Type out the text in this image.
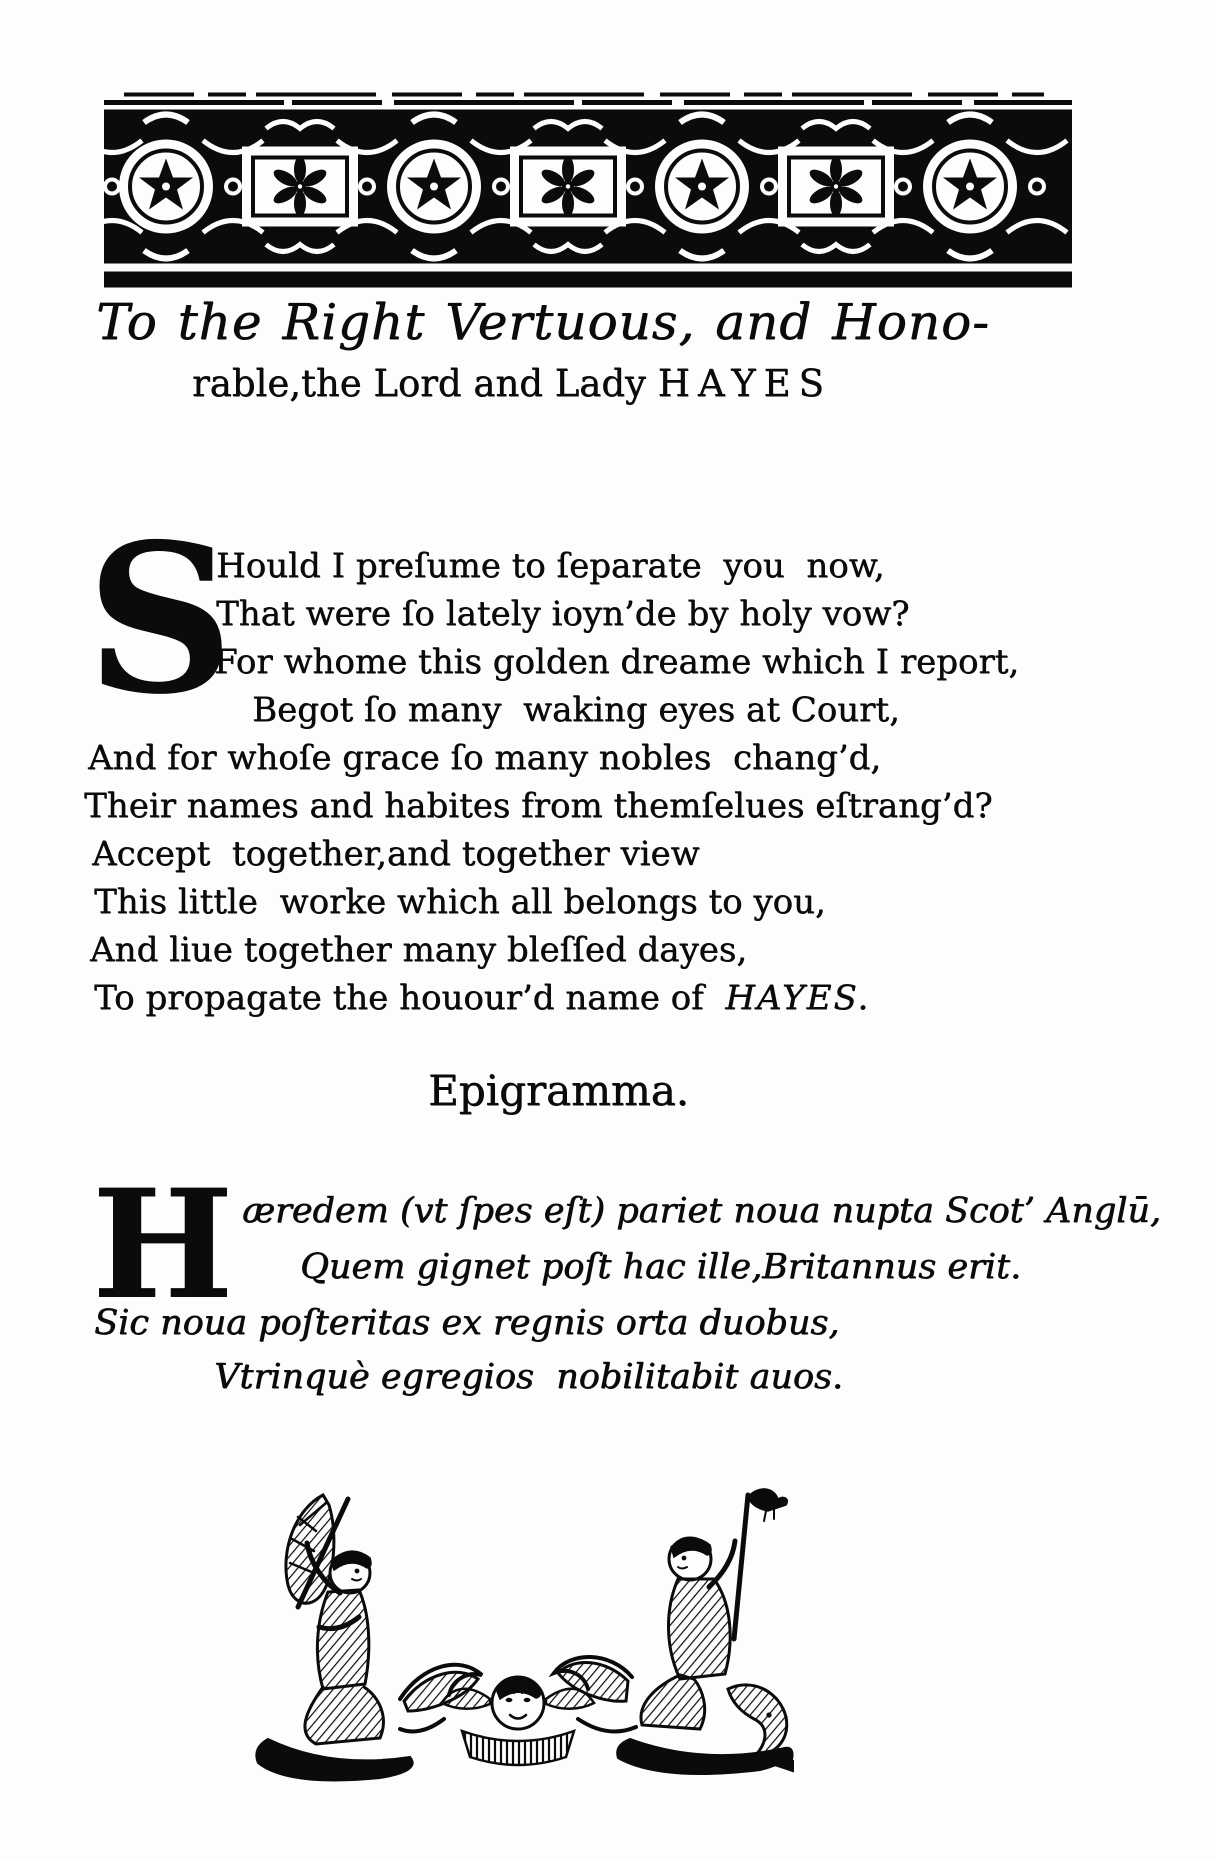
To the Right Vertuous, and Hono-
rable,the Lord and Lady HAYES
S
Hould I preſume to ſeparate  you  now,
That were ſo lately ioyn’de by holy vow?
For whome this golden dreame which I report,
Begot ſo many  waking eyes at Court,
And for whoſe grace ſo many nobles  chang’d,
Their names and habites from themſelues eſtrang’d?
Accept  together,and together view
This little  worke which all belongs to you,
And liue together many bleſſed dayes,
To propagate the houour’d name of  HAYES.
Epigramma.
H æredem (vt ſpes eſt) pariet noua nupta Scot’ Anglū,
Quem gignet poſt hac ille‚Britannus erit.
Sic noua poſteritas ex regnis orta duobus,
Vtrinquè egregios  nobilitabit auos.
